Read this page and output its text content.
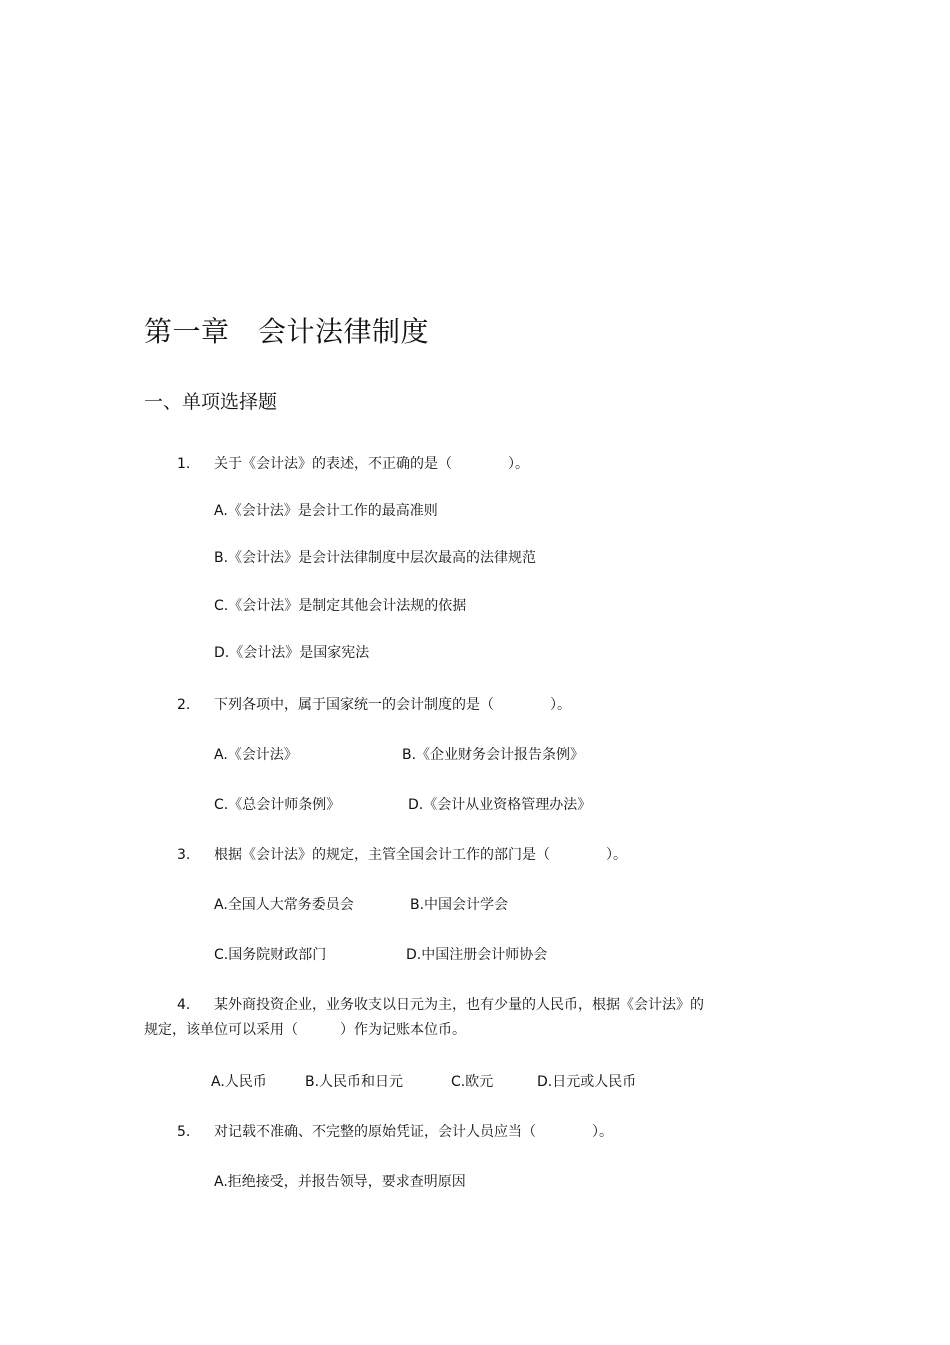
第一章　会计法律制度
一、单项选择题
1. 关于《会计法》的表述，不正确的是（　　　　）。
A.《会计法》是会计工作的最高准则
B.《会计法》是会计法律制度中层次最高的法律规范
C.《会计法》是制定其他会计法规的依据
D.《会计法》是国家宪法
2. 下列各项中，属于国家统一的会计制度的是（　　　　）。
A.《会计法》	B.《企业财务会计报告条例》
C.《总会计师条例》	D.《会计从业资格管理办法》
3. 根据《会计法》的规定，主管全国会计工作的部门是（　　　　）。
A.全国人大常务委员会	B.中国会计学会
C.国务院财政部门	D.中国注册会计师协会
4. 某外商投资企业，业务收支以日元为主，也有少量的人民币，根据《会计法》的
规定，该单位可以采用（　　　）作为记账本位币。
A.人民币	B.人民币和日元	C.欧元	D.日元或人民币
5. 对记载不准确、不完整的原始凭证，会计人员应当（　　　　）。
A.拒绝接受，并报告领导，要求查明原因
